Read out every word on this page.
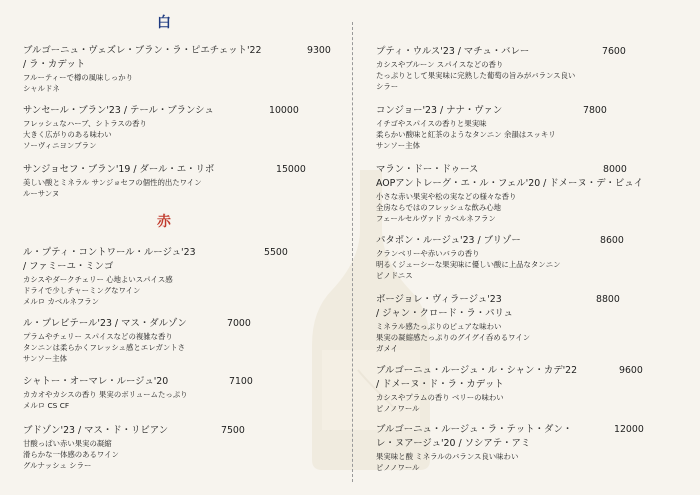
白
赤
ブルゴーニュ・ヴェズレ・ブラン・ラ・ピエチェット'22
/ ラ・カデット
フルーティーで樽の風味しっかり
シャルドネ
9300
サンセール・ブラン'23 / テール・ブランシュ
フレッシュなハーブ、シトラスの香り
大きく広がりのある味わい
ソーヴィニヨンブラン
10000
サンジョセフ・ブラン'19 / ダール・エ・リボ
美しい酸とミネラル サンジョセフの個性的出たワイン
ルーサンヌ
15000
ル・プティ・コントワール・ルージュ'23
/ ファミーユ・ミンゴ
カシスやダークチェリー 心地よいスパイス感
ドライで少しチャーミングなワイン
メルロ カベルネフラン
5500
ル・プレビテール'23 / マス・ダルゾン
プラムやチェリー スパイスなどの複雑な香り
タンニンは柔らかくフレッシュ感とエレガントさ
サンソー主体
7000
シャトー・オーマレ・ルージュ'20
カカオやカシスの香り 果実のボリュームたっぷり
メルロ CS CF
7100
ブドゾン'23 / マス・ド・リビアン
甘酸っぱい赤い果実の凝縮
滑らかな一体感のあるワイン
グルナッシュ シラー
7500
プティ・ウルス'23 / マチュ・バレー
カシスやブルーン スパイスなどの香り
たっぷりとして果実味に完熟した葡萄の旨みがバランス良い
シラー
7600
コンジョー'23 / ナナ・ヴァン
イチゴやスパイスの香りと果実味
柔らかい酸味と紅茶のようなタンニン 余韻はスッキリ
サンソー主体
7800
マラン・ドー・ドゥース
AOPアントレーグ・エ・ル・フェル'20 / ドメーヌ・デ・ビュイ
小さな赤い果実や松の実などの様々な香り
全房ならではのフレッシュな飲み心地
フェールセルヴァド カベルネフラン
8000
パタポン・ルージュ'23 / ブリゾー
クランベリーや赤いバラの香り
明るくジューシーな果実味に優しい酸に上品なタンニン
ピノドニス
8600
ボージョレ・ヴィラージュ'23
/ ジャン・クロード・ラ・パリュ
ミネラル感たっぷりのピュアな味わい
果実の凝縮感たっぷりのグイグイ呑めるワイン
ガメイ
8800
ブルゴーニュ・ルージュ・ル・シャン・カデ'22
/ ドメーヌ・ド・ラ・カデット
カシスやプラムの香り ベリーの味わい
ピノノワール
9600
ブルゴーニュ・ルージュ・ラ・テット・ダン・
レ・ヌアージュ'20 / ソシアテ・アミ
果実味と酸 ミネラルのバランス良い味わい
ピノノワール
12000
